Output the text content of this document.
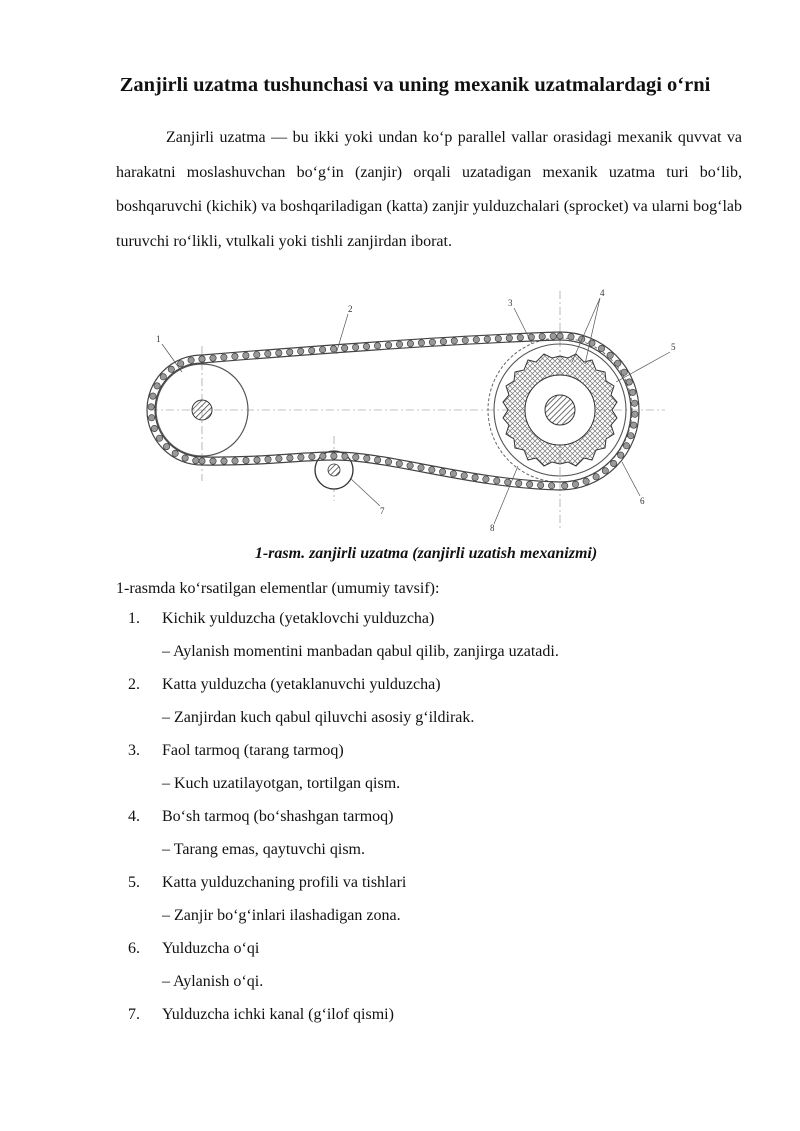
Zanjirli uzatma tushunchasi va uning mexanik uzatmalardagi o‘rni

Zanjirli uzatma — bu ikki yoki undan ko‘p parallel vallar orasidagi mexanik quvvat va harakatni moslashuvchan bo‘g‘in (zanjir) orqali uzatadigan mexanik uzatma turi bo‘lib, boshqaruvchi (kichik) va boshqariladigan (katta) zanjir yulduzchalari (sprocket) va ularni bog‘lab turuvchi ro‘likli, vtulkali yoki tishli zanjirdan iborat.

1
2
3
4
5
6
7
8
1-rasm. zanjirli uzatma (zanjirli uzatish mexanizmi)
1-rasmda ko‘rsatilgan elementlar (umumiy tavsif):
1. Kichik yulduzcha (yetaklovchi yulduzcha)
– Aylanish momentini manbadan qabul qilib, zanjirga uzatadi.
2. Katta yulduzcha (yetaklanuvchi yulduzcha)
– Zanjirdan kuch qabul qiluvchi asosiy g‘ildirak.
3. Faol tarmoq (tarang tarmoq)
– Kuch uzatilayotgan, tortilgan qism.
4. Bo‘sh tarmoq (bo‘shashgan tarmoq)
– Tarang emas, qaytuvchi qism.
5. Katta yulduzchaning profili va tishlari
– Zanjir bo‘g‘inlari ilashadigan zona.
6. Yulduzcha o‘qi
– Aylanish o‘qi.
7. Yulduzcha ichki kanal (g‘ilof qismi)
